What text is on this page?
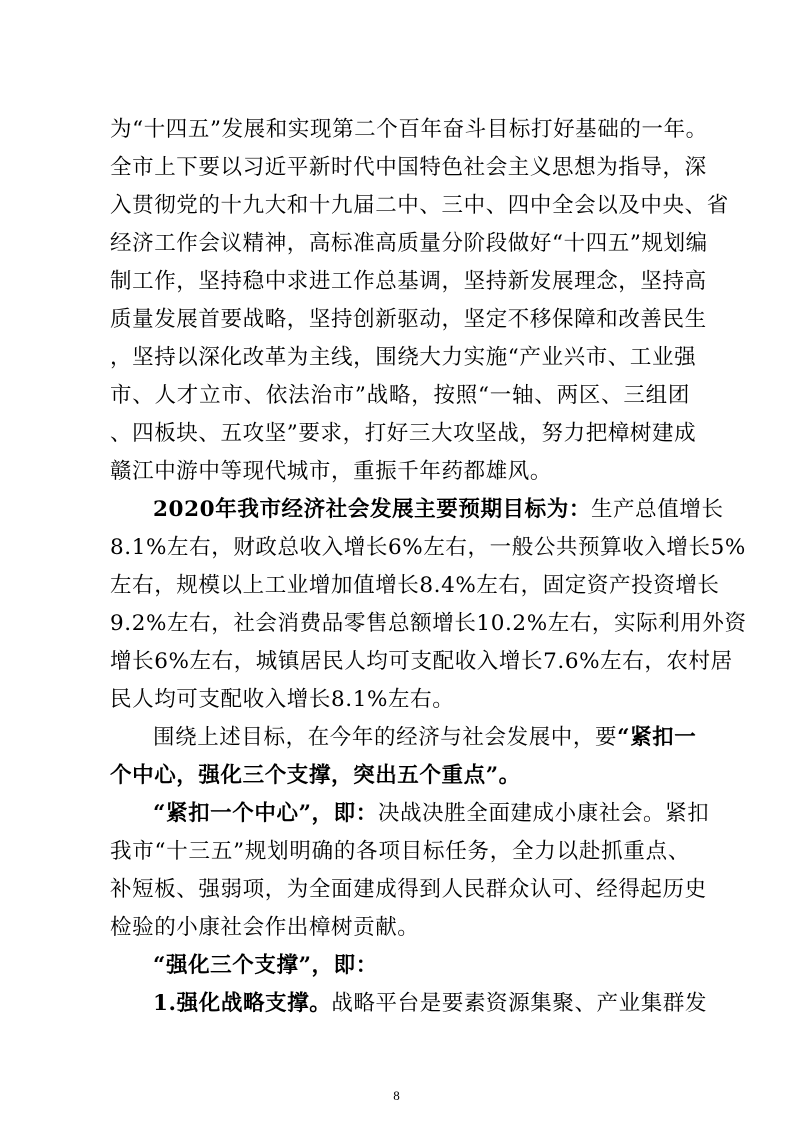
为“十四五”发展和实现第二个百年奋斗目标打好基础的一年。
全市上下要以习近平新时代中国特色社会主义思想为指导，深
入贯彻党的十九大和十九届二中、三中、四中全会以及中央、省
经济工作会议精神，高标准高质量分阶段做好“十四五”规划编
制工作，坚持稳中求进工作总基调，坚持新发展理念，坚持高
质量发展首要战略，坚持创新驱动，坚定不移保障和改善民生
，坚持以深化改革为主线，围绕大力实施“产业兴市、工业强
市、人才立市、依法治市”战略，按照“一轴、两区、三组团
、四板块、五攻坚”要求，打好三大攻坚战，努力把樟树建成
赣江中游中等现代城市，重振千年药都雄风。
2020年我市经济社会发展主要预期目标为：生产总值增长
8.1%左右，财政总收入增长6%左右，一般公共预算收入增长5%
左右，规模以上工业增加值增长8.4%左右，固定资产投资增长
9.2%左右，社会消费品零售总额增长10.2%左右，实际利用外资
增长6%左右，城镇居民人均可支配收入增长7.6%左右，农村居
民人均可支配收入增长8.1%左右。
围绕上述目标，在今年的经济与社会发展中，要“紧扣一
个中心，强化三个支撑，突出五个重点”。
“紧扣一个中心”，即：决战决胜全面建成小康社会。紧扣
我市“十三五”规划明确的各项目标任务，全力以赴抓重点、
补短板、强弱项，为全面建成得到人民群众认可、经得起历史
检验的小康社会作出樟树贡献。
“强化三个支撑”，即：
1.强化战略支撑。战略平台是要素资源集聚、产业集群发
8
